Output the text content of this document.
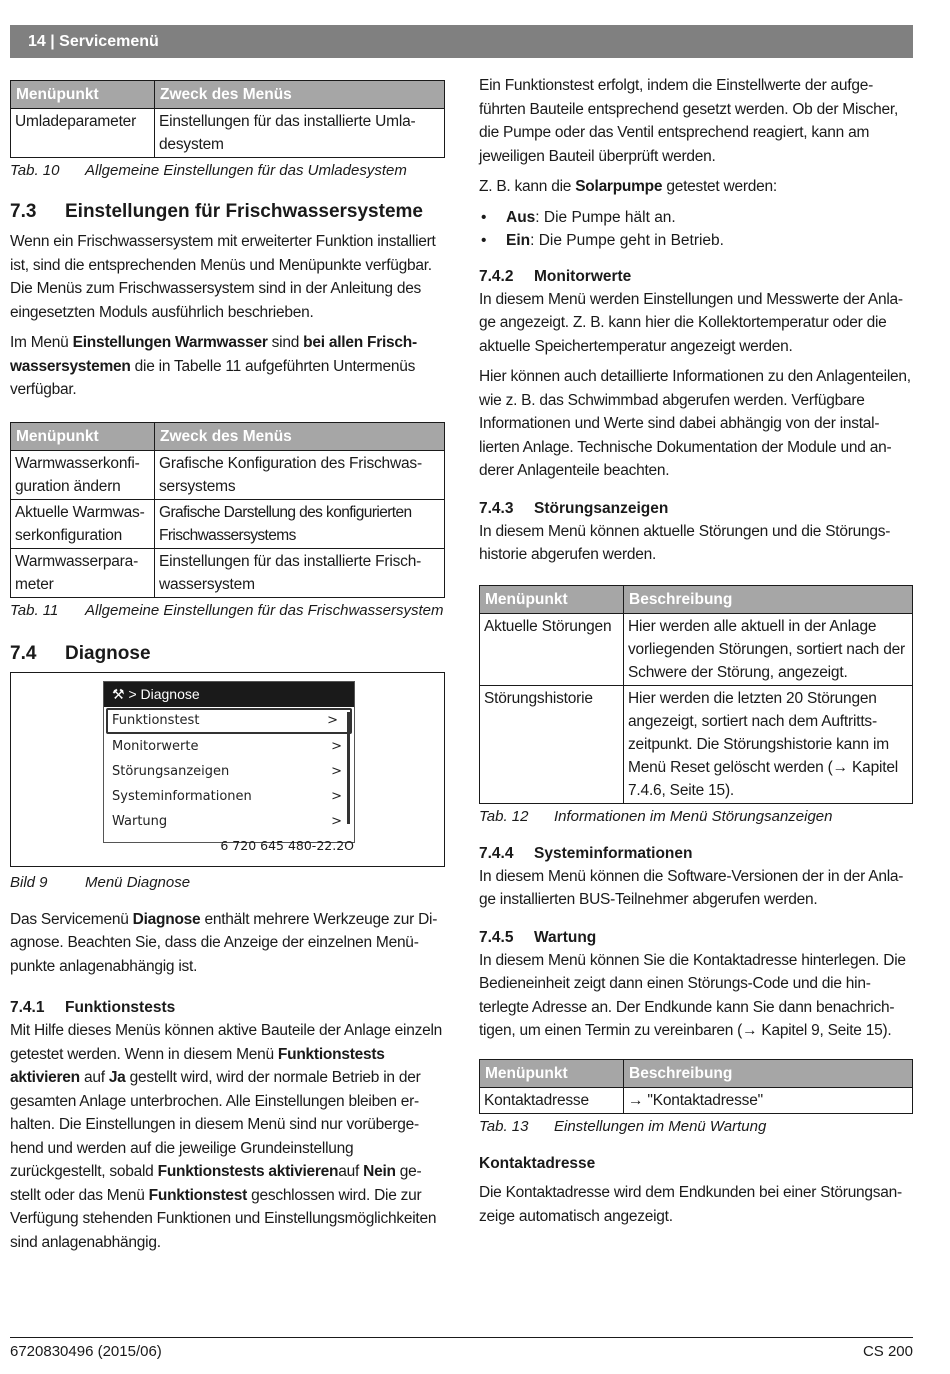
14 | Servicemenü
Menüpunkt	Zweck des Menüs
Umladeparameter	Einstellungen für das installierte Umladesystem
Tab. 10	Allgemeine Einstellungen für das Umladesystem
7.3 Einstellungen für Frischwassersysteme

Wenn ein Frischwassersystem mit erweiterter Funktion installiert ist, sind die entsprechenden Menüs und Menüpunkte verfügbar. Die Menüs zum Frischwassersystem sind in der Anleitung des eingesetzten Moduls ausführlich beschrieben.

Im Menü Einstellungen Warmwasser sind bei allen Frischwassersystemen die in Tabelle 11 aufgeführten Untermenüs verfügbar.

Menüpunkt	Zweck des Menüs
Warmwasserkonfiguration ändern	Grafische Konfiguration des Frischwassersystems
Aktuelle Warmwasserkonfiguration	Grafische Darstellung des konfigurierten Frischwassersystems
Warmwasserparameter	Einstellungen für das installierte Frischwassersystem
Tab. 11	Allgemeine Einstellungen für das Frischwassersystem
7.4 Diagnose
⚒ > Diagnose
Funktionstest	>
Monitorwerte	>
Störungsanzeigen	>
Systeminformationen	>
Wartung	>
6 720 645 480-22.2O
Bild 9	Menü Diagnose

Das Servicemenü Diagnose enthält mehrere Werkzeuge zur Diagnose. Beachten Sie, dass die Anzeige der einzelnen Menüpunkte anlagenabhängig ist.

7.4.1 Funktionstests

Mit Hilfe dieses Menüs können aktive Bauteile der Anlage einzeln getestet werden. Wenn in diesem Menü Funktionstests aktivieren auf Ja gestellt wird, wird der normale Betrieb in der gesamten Anlage unterbrochen. Alle Einstellungen bleiben erhalten. Die Einstellungen in diesem Menü sind nur vorübergehend und werden auf die jeweilige Grundeinstellung zurückgestellt, sobald Funktionstests aktivierenauf Nein gestellt oder das Menü Funktionstest geschlossen wird. Die zur Verfügung stehenden Funktionen und Einstellungsmöglichkeiten sind anlagenabhängig.

Ein Funktionstest erfolgt, indem die Einstellwerte der aufgeführten Bauteile entsprechend gesetzt werden. Ob der Mischer, die Pumpe oder das Ventil entsprechend reagiert, kann am jeweiligen Bauteil überprüft werden.

Z. B. kann die Solarpumpe getestet werden:

• Aus: Die Pumpe hält an.
• Ein: Die Pumpe geht in Betrieb.
7.4.2 Monitorwerte

In diesem Menü werden Einstellungen und Messwerte der Anlage angezeigt. Z. B. kann hier die Kollektortemperatur oder die aktuelle Speichertemperatur angezeigt werden.

Hier können auch detaillierte Informationen zu den Anlagenteilen, wie z. B. das Schwimmbad abgerufen werden. Verfügbare Informationen und Werte sind dabei abhängig von der installierten Anlage. Technische Dokumentation der Module und anderer Anlagenteile beachten.

7.4.3 Störungsanzeigen

In diesem Menü können aktuelle Störungen und die Störungshistorie abgerufen werden.

Menüpunkt	Beschreibung
Aktuelle Störungen	Hier werden alle aktuell in der Anlage vorliegenden Störungen, sortiert nach der Schwere der Störung, angezeigt.
Störungshistorie	Hier werden die letzten 20 Störungen angezeigt, sortiert nach dem Auftrittszeitpunkt. Die Störungshistorie kann im Menü Reset gelöscht werden (→ Kapitel 7.4.6, Seite 15).
Tab. 12	Informationen im Menü Störungsanzeigen
7.4.4 Systeminformationen

In diesem Menü können die Software-Versionen der in der Anlage installierten BUS-Teilnehmer abgerufen werden.

7.4.5 Wartung

In diesem Menü können Sie die Kontaktadresse hinterlegen. Die Bedieneinheit zeigt dann einen Störungs-Code und die hinterlegte Adresse an. Der Endkunde kann Sie dann benachrichtigen, um einen Termin zu vereinbaren (→ Kapitel 9, Seite 15).

Menüpunkt	Beschreibung
Kontaktadresse	→ "Kontaktadresse"
Tab. 13	Einstellungen im Menü Wartung
Kontaktadresse

Die Kontaktadresse wird dem Endkunden bei einer Störungsanzeige automatisch angezeigt.

6720830496 (2015/06)	CS 200
